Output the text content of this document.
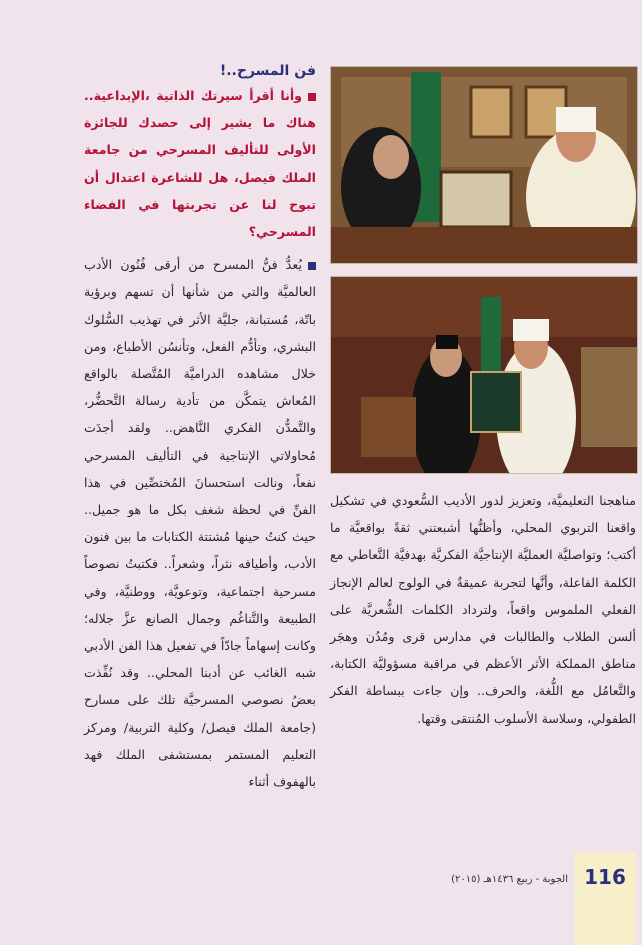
فن المسرح..!

وأنا أقرأ سيرتك الذاتية ،الإبداعية.. هناك ما يشير إلى حصدك للجائزة الأولى للتأليف المسرحي من جامعة الملك فيصل، هل للشاعرة اعتدال أن تبوح لنا عن تجربتها في الفضاء المسرحي؟

يُعدُّ فنُّ المسرح من أرقى فُنُون الأدب العالميَّة والتي من شأنها أن تسهم وبرؤية باتّة، مُستبانة، جليَّة الأثر في تهذيب السُّلوك البشري، وتأدُّم الفعل، وتأنسُن الأطباع، ومن خلال مشاهده الدراميَّة المُتَّصلة بالواقع المُعاش يتمكَّن من تأدية رسالة التَّحضُّر، والتَّمدُّن الفكري النَّاهض.. ولقد أجدَت مُحاولاتي الإنتاجية في التأليف المسرحي نفعاً، ونالت استحسانَ المُختصِّين في هذا الفنِّ في لحظة شغف بكل ما هو جميل.. حيث كنتُ حينها مُشتتة الكتابات ما بين فنون الأدب، وأطيافه نثراً، وشعراً.. فكتبتُ نصوصاً مسرحية اجتماعية، وتوعويَّة، ووطنيَّة، وفي الطبيعة والتَّناغُم وجمال الصانع عزَّ جلاله؛ وكانت إسهاماً جادّاً في تفعيل هذا الفن الأدبي شبه الغائب عن أدبنا المحلي.. وقد نُفِّذت بعضُ نصوصي المسرحيَّة تلك على مسارح (جامعة الملك فيصل/ وكلية التربية/ ومركز التعليم المستمر بمستشفى الملك فهد بالهفوف أثناء

مناهجنا التعليميَّة، وتعزيز لدور الأديب السُّعودي في تشكيل واقعنا التربوي المحلي، وأظنُّها أشبعتني ثقةً بواقعيَّة ما أكتب؛ وتواصليَّة العمليَّة الإنتاجيَّة الفكريَّة بهدفيَّة التَّعاطي مع الكلمة الفاعلة، وأنَّها لتجربة عميقةٌ في الولوج لعالم الإنجاز الفعلي الملموس واقعاً، ولترداد الكلمات الشُّعريَّة على ألسن الطلاب والطالبات في مدارس قرى ومُدُن وهجَر مناطق المملكة الأثر الأعظم في مراقبة مسؤوليَّة الكتابة، والتَّعامُل مع اللُّغة، والحرف.. وإن جاءت ببساطة الفكر الطفولي، وسلاسة الأسلوب المُنتقى وقتها.

الجوبة - ربيع ١٤٣٦هـ (٢٠١٥) 116
